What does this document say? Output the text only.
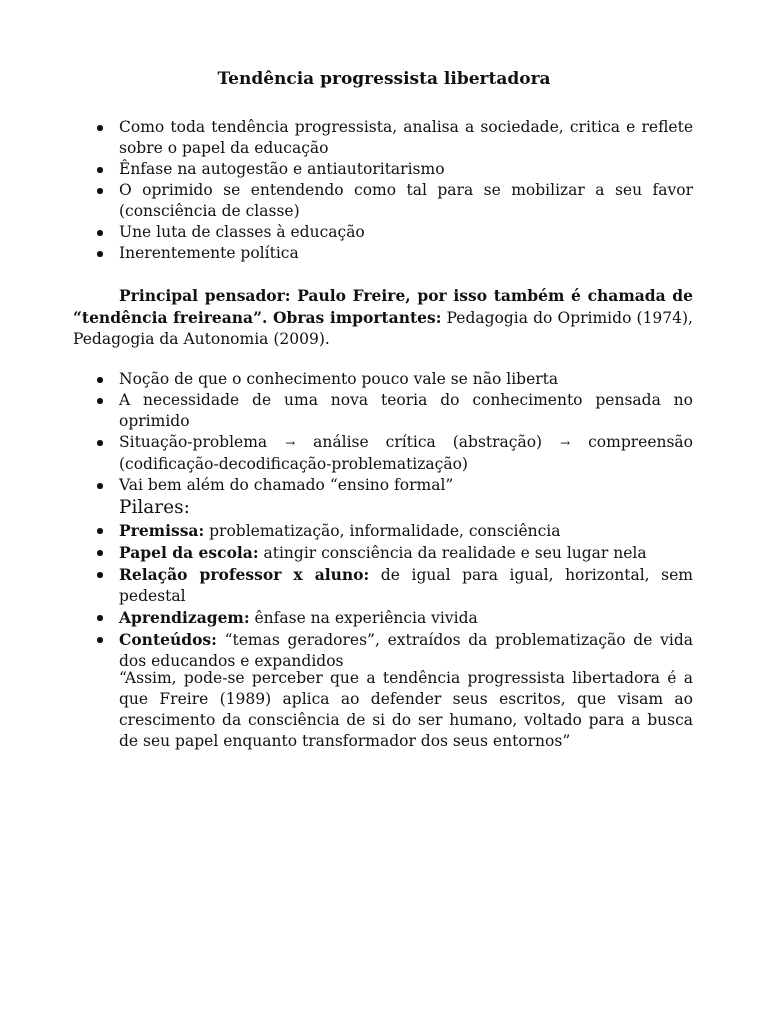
Tendência progressista libertadora
Como toda tendência progressista, analisa a sociedade, critica e reflete sobre o papel da educação
Ênfase na autogestão e antiautoritarismo
O oprimido se entendendo como tal para se mobilizar a seu favor (consciência de classe)
Une luta de classes à educação
Inerentemente política

Principal pensador: Paulo Freire, por isso também é chamada de “tendência freireana”. Obras importantes: Pedagogia do Oprimido (1974), Pedagogia da Autonomia (2009).

Noção de que o conhecimento pouco vale se não liberta
A necessidade de uma nova teoria do conhecimento pensada no oprimido
Situação-problema → análise crítica (abstração) → compreensão (codificação-decodificação-problematização)
Vai bem além do chamado “ensino formal”
Pilares:
Premissa: problematização, informalidade, consciência
Papel da escola: atingir consciência da realidade e seu lugar nela
Relação professor x aluno: de igual para igual, horizontal, sem pedestal
Aprendizagem: ênfase na experiência vivida
Conteúdos: “temas geradores”, extraídos da problematização de vida dos educandos e expandidos

“Assim, pode-se perceber que a tendência progressista libertadora é a que Freire (1989) aplica ao defender seus escritos, que visam ao crescimento da consciência de si do ser humano, voltado para a busca de seu papel enquanto transformador dos seus entornos”
